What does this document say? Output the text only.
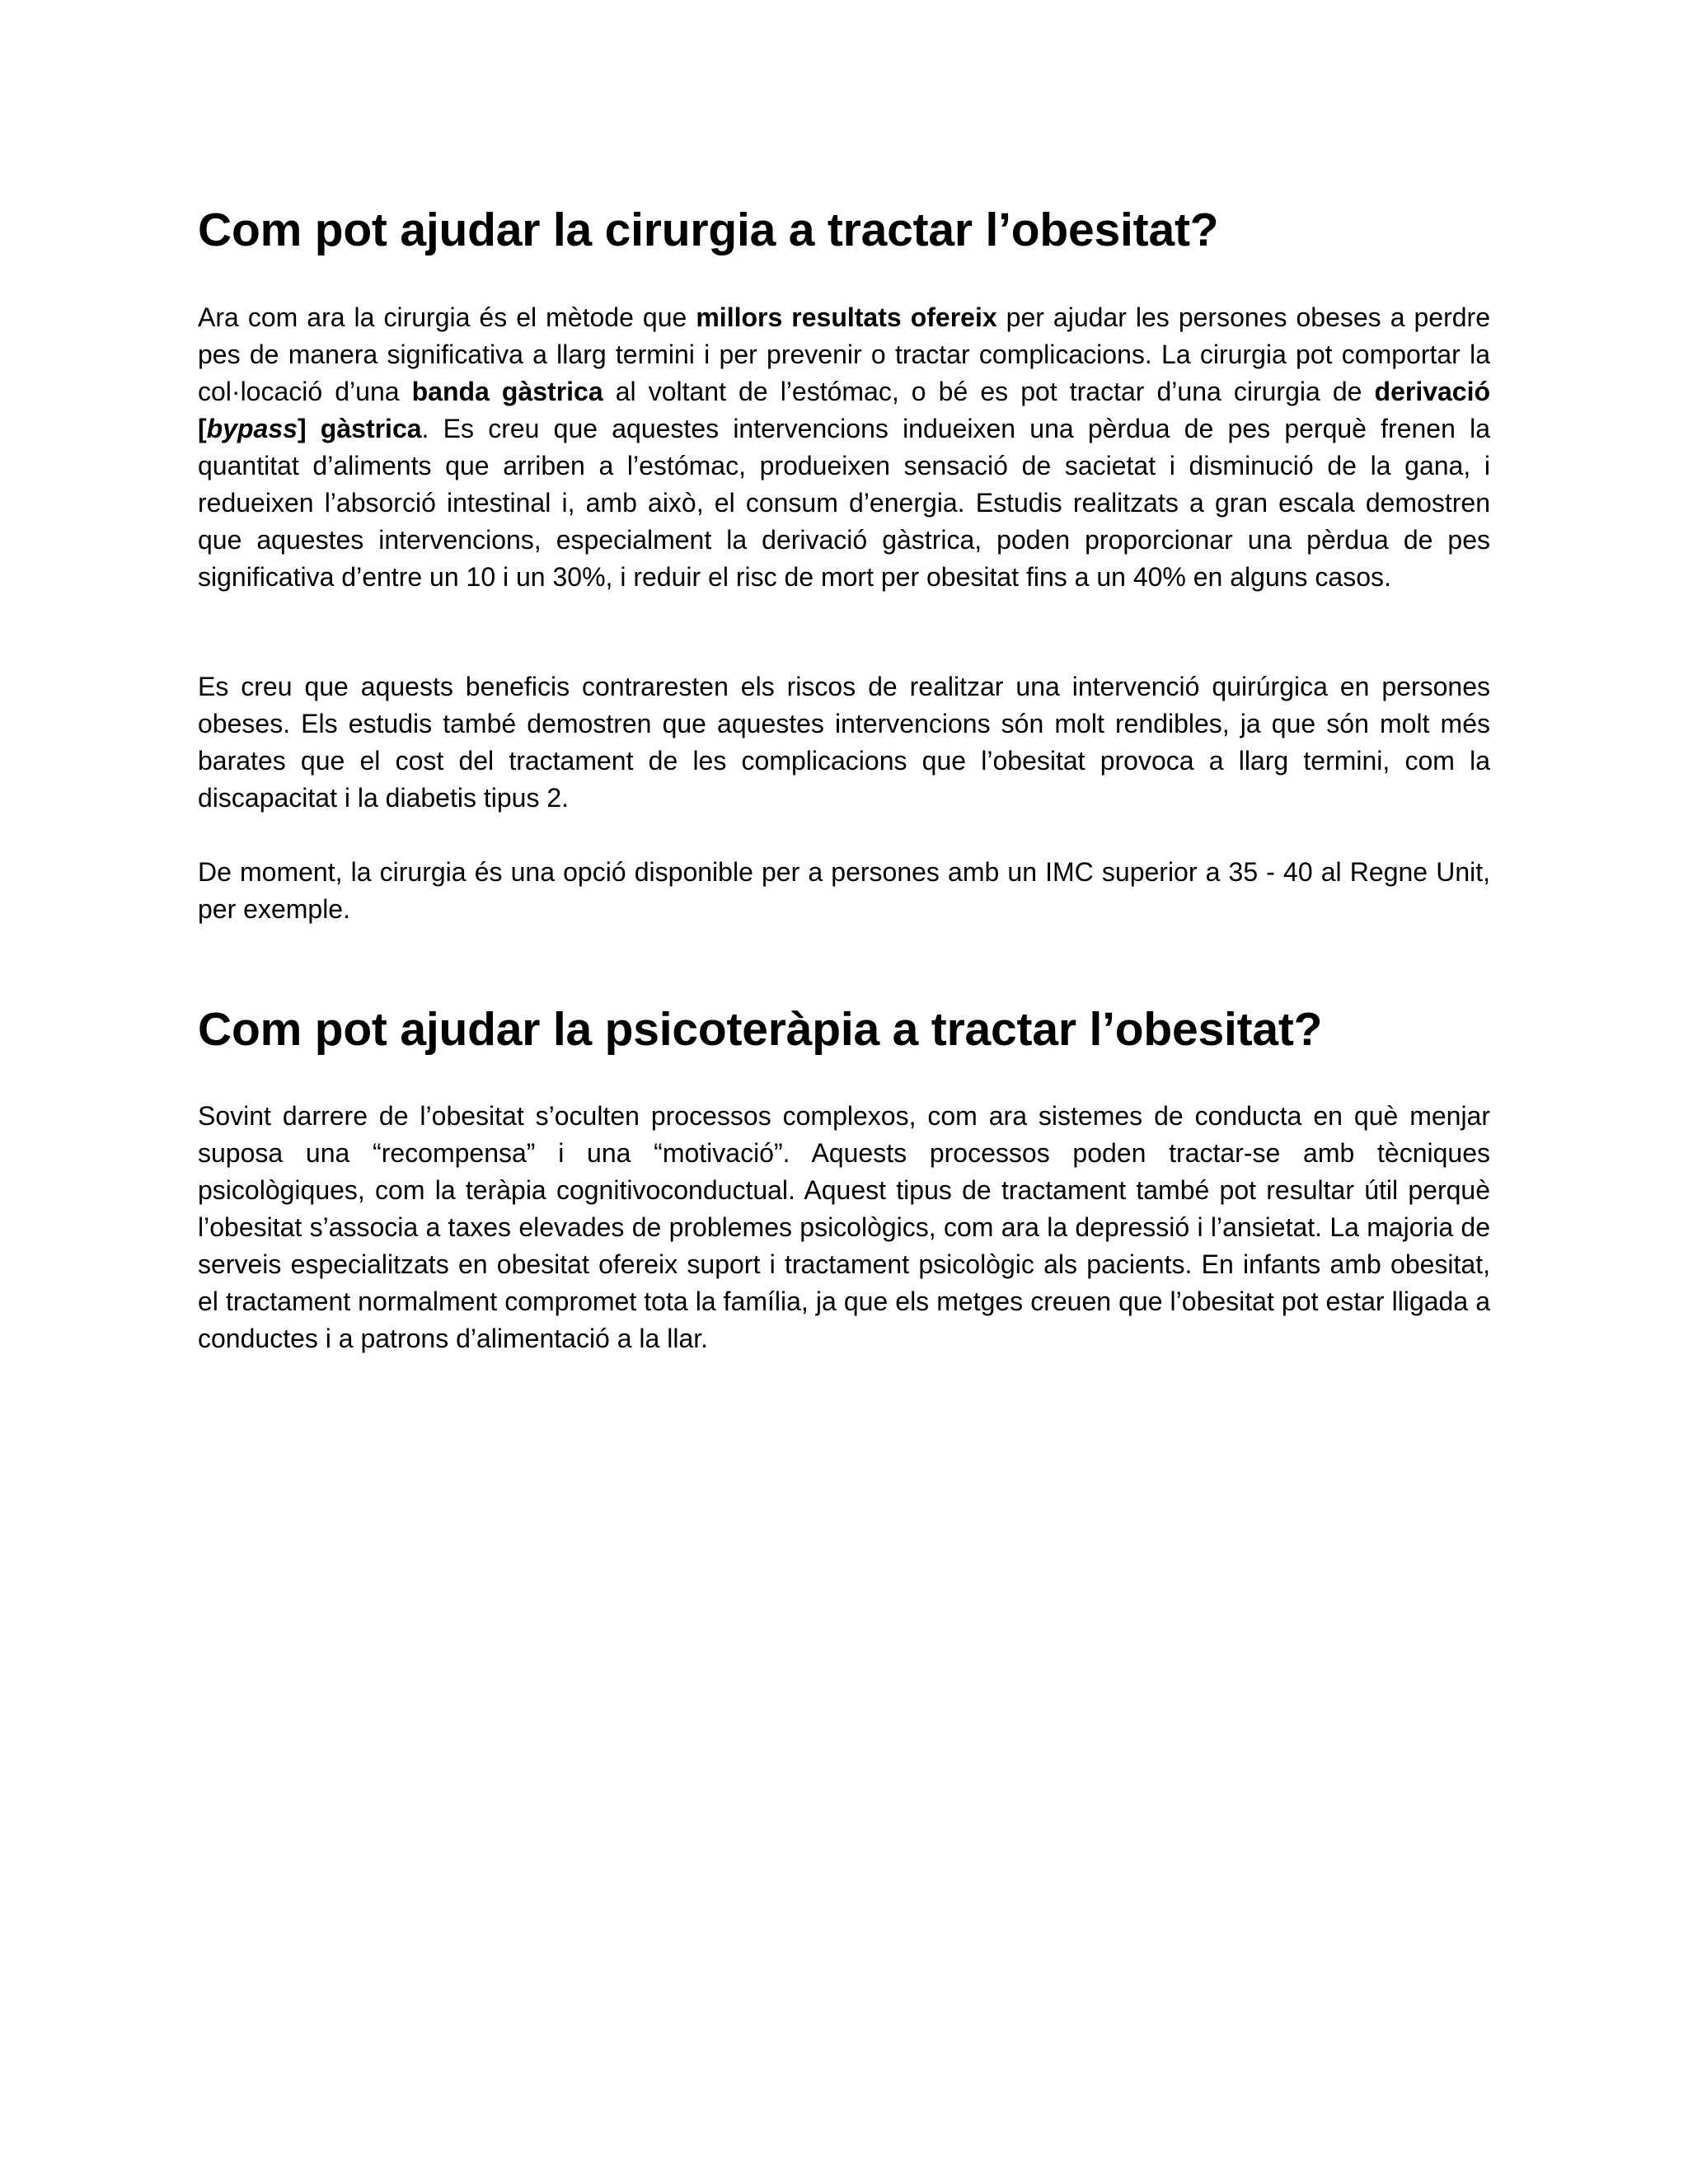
Com pot ajudar la cirurgia a tractar l’obesitat?

Ara com ara la cirurgia és el mètode que millors resultats ofereix per ajudar les persones obeses a perdre pes de manera significativa a llarg termini i per prevenir o tractar complicacions. La cirurgia pot comportar la col·locació d’una banda gàstrica al voltant de l’estómac, o bé es pot tractar d’una cirurgia de derivació [bypass] gàstrica. Es creu que aquestes intervencions indueixen una pèrdua de pes perquè frenen la quantitat d’aliments que arriben a l’estómac, produeixen sensació de sacietat i disminució de la gana, i redueixen l’absorció intestinal i, amb això, el consum d’energia. Estudis realitzats a gran escala demostren que aquestes intervencions, especialment la derivació gàstrica, poden proporcionar una pèrdua de pes significativa d’entre un 10 i un 30%, i reduir el risc de mort per obesitat fins a un 40% en alguns casos.

Es creu que aquests beneficis contraresten els riscos de realitzar una intervenció quirúrgica en persones obeses. Els estudis també demostren que aquestes intervencions són molt rendibles, ja que són molt més barates que el cost del tractament de les complicacions que l’obesitat provoca a llarg termini, com la discapacitat i la diabetis tipus 2.

De moment, la cirurgia és una opció disponible per a persones amb un IMC superior a 35 - 40 al Regne Unit, per exemple.

Com pot ajudar la psicoteràpia a tractar l’obesitat?

Sovint darrere de l’obesitat s’oculten processos complexos, com ara sistemes de conducta en què menjar suposa una “recompensa” i una “motivació”. Aquests processos poden tractar-se amb tècniques psicològiques, com la teràpia cognitivoconductual. Aquest tipus de tractament també pot resultar útil perquè l’obesitat s’associa a taxes elevades de problemes psicològics, com ara la depressió i l’ansietat. La majoria de serveis especialitzats en obesitat ofereix suport i tractament psicològic als pacients. En infants amb obesitat, el tractament normalment compromet tota la família, ja que els metges creuen que l’obesitat pot estar lligada a conductes i a patrons d’alimentació a la llar.
